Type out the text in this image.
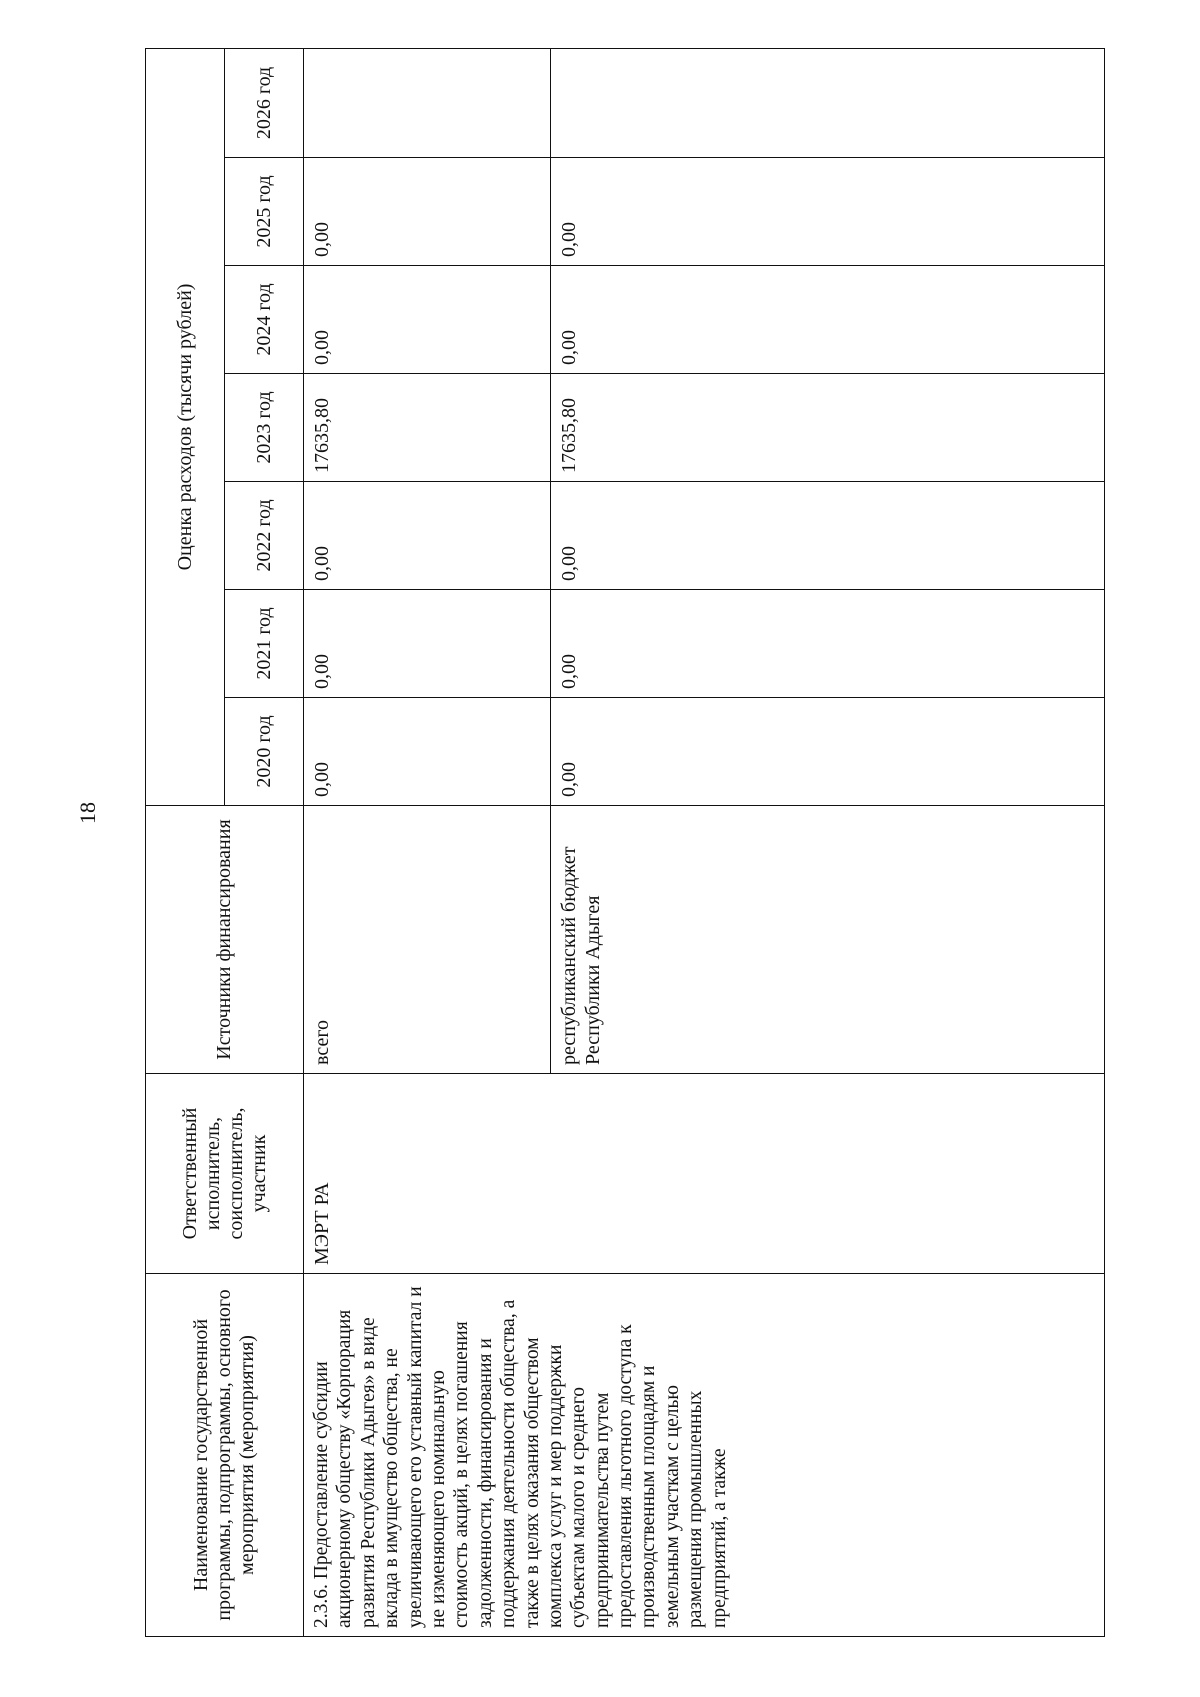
18
Наименование государственной программы, подпрограммы, основного мероприятия (мероприятия)	Ответственный исполнитель, соисполнитель, участник	Источники финансирования	Оценка расходов (тысячи рублей)						
			2020 год	2021 год	2022 год	2023 год	2024 год	2025 год	2026 год
2.3.6. Предоставление субсидии акционерному обществу «Корпорация развития Республики Адыгея» в виде вклада в имущество общества, не увеличивающего его уставный капитал и не изменяющего номинальную стоимость акций, в целях погашения задолженности, финансирования и поддержания деятельности общества, а также в целях оказания обществом комплекса услуг и мер поддержки субъектам малого и среднего предпринимательства путем предоставления льготного доступа к производственным площадям и земельным участкам с целью размещения промышленных предприятий, а также	МЭРТ РА	всего	0,00	0,00	0,00	17635,80	0,00	0,00	
		республиканский бюджет Республики Адыгея	0,00	0,00	0,00	17635,80	0,00	0,00	
